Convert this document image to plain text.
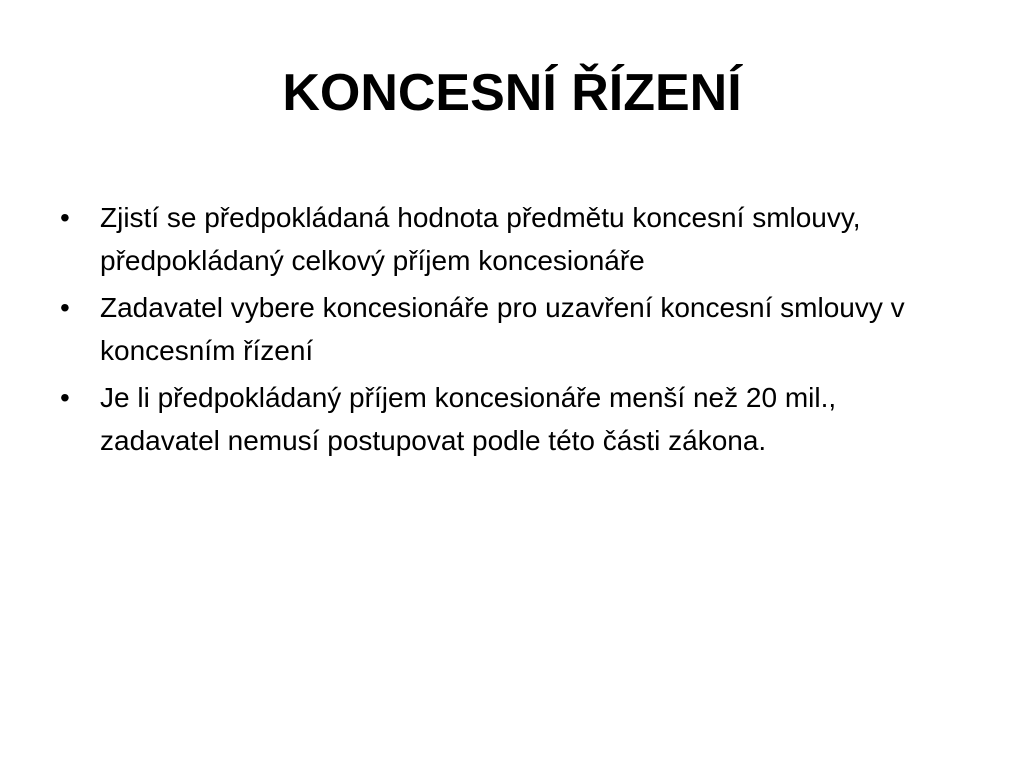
KONCESNÍ ŘÍZENÍ
•	Zjistí se předpokládaná hodnota předmětu koncesní smlouvy, předpokládaný celkový příjem koncesionáře
•	Zadavatel vybere koncesionáře pro uzavření koncesní smlouvy v koncesním řízení
•	Je li předpokládaný příjem koncesionáře menší než 20 mil., zadavatel nemusí postupovat podle této části zákona.
